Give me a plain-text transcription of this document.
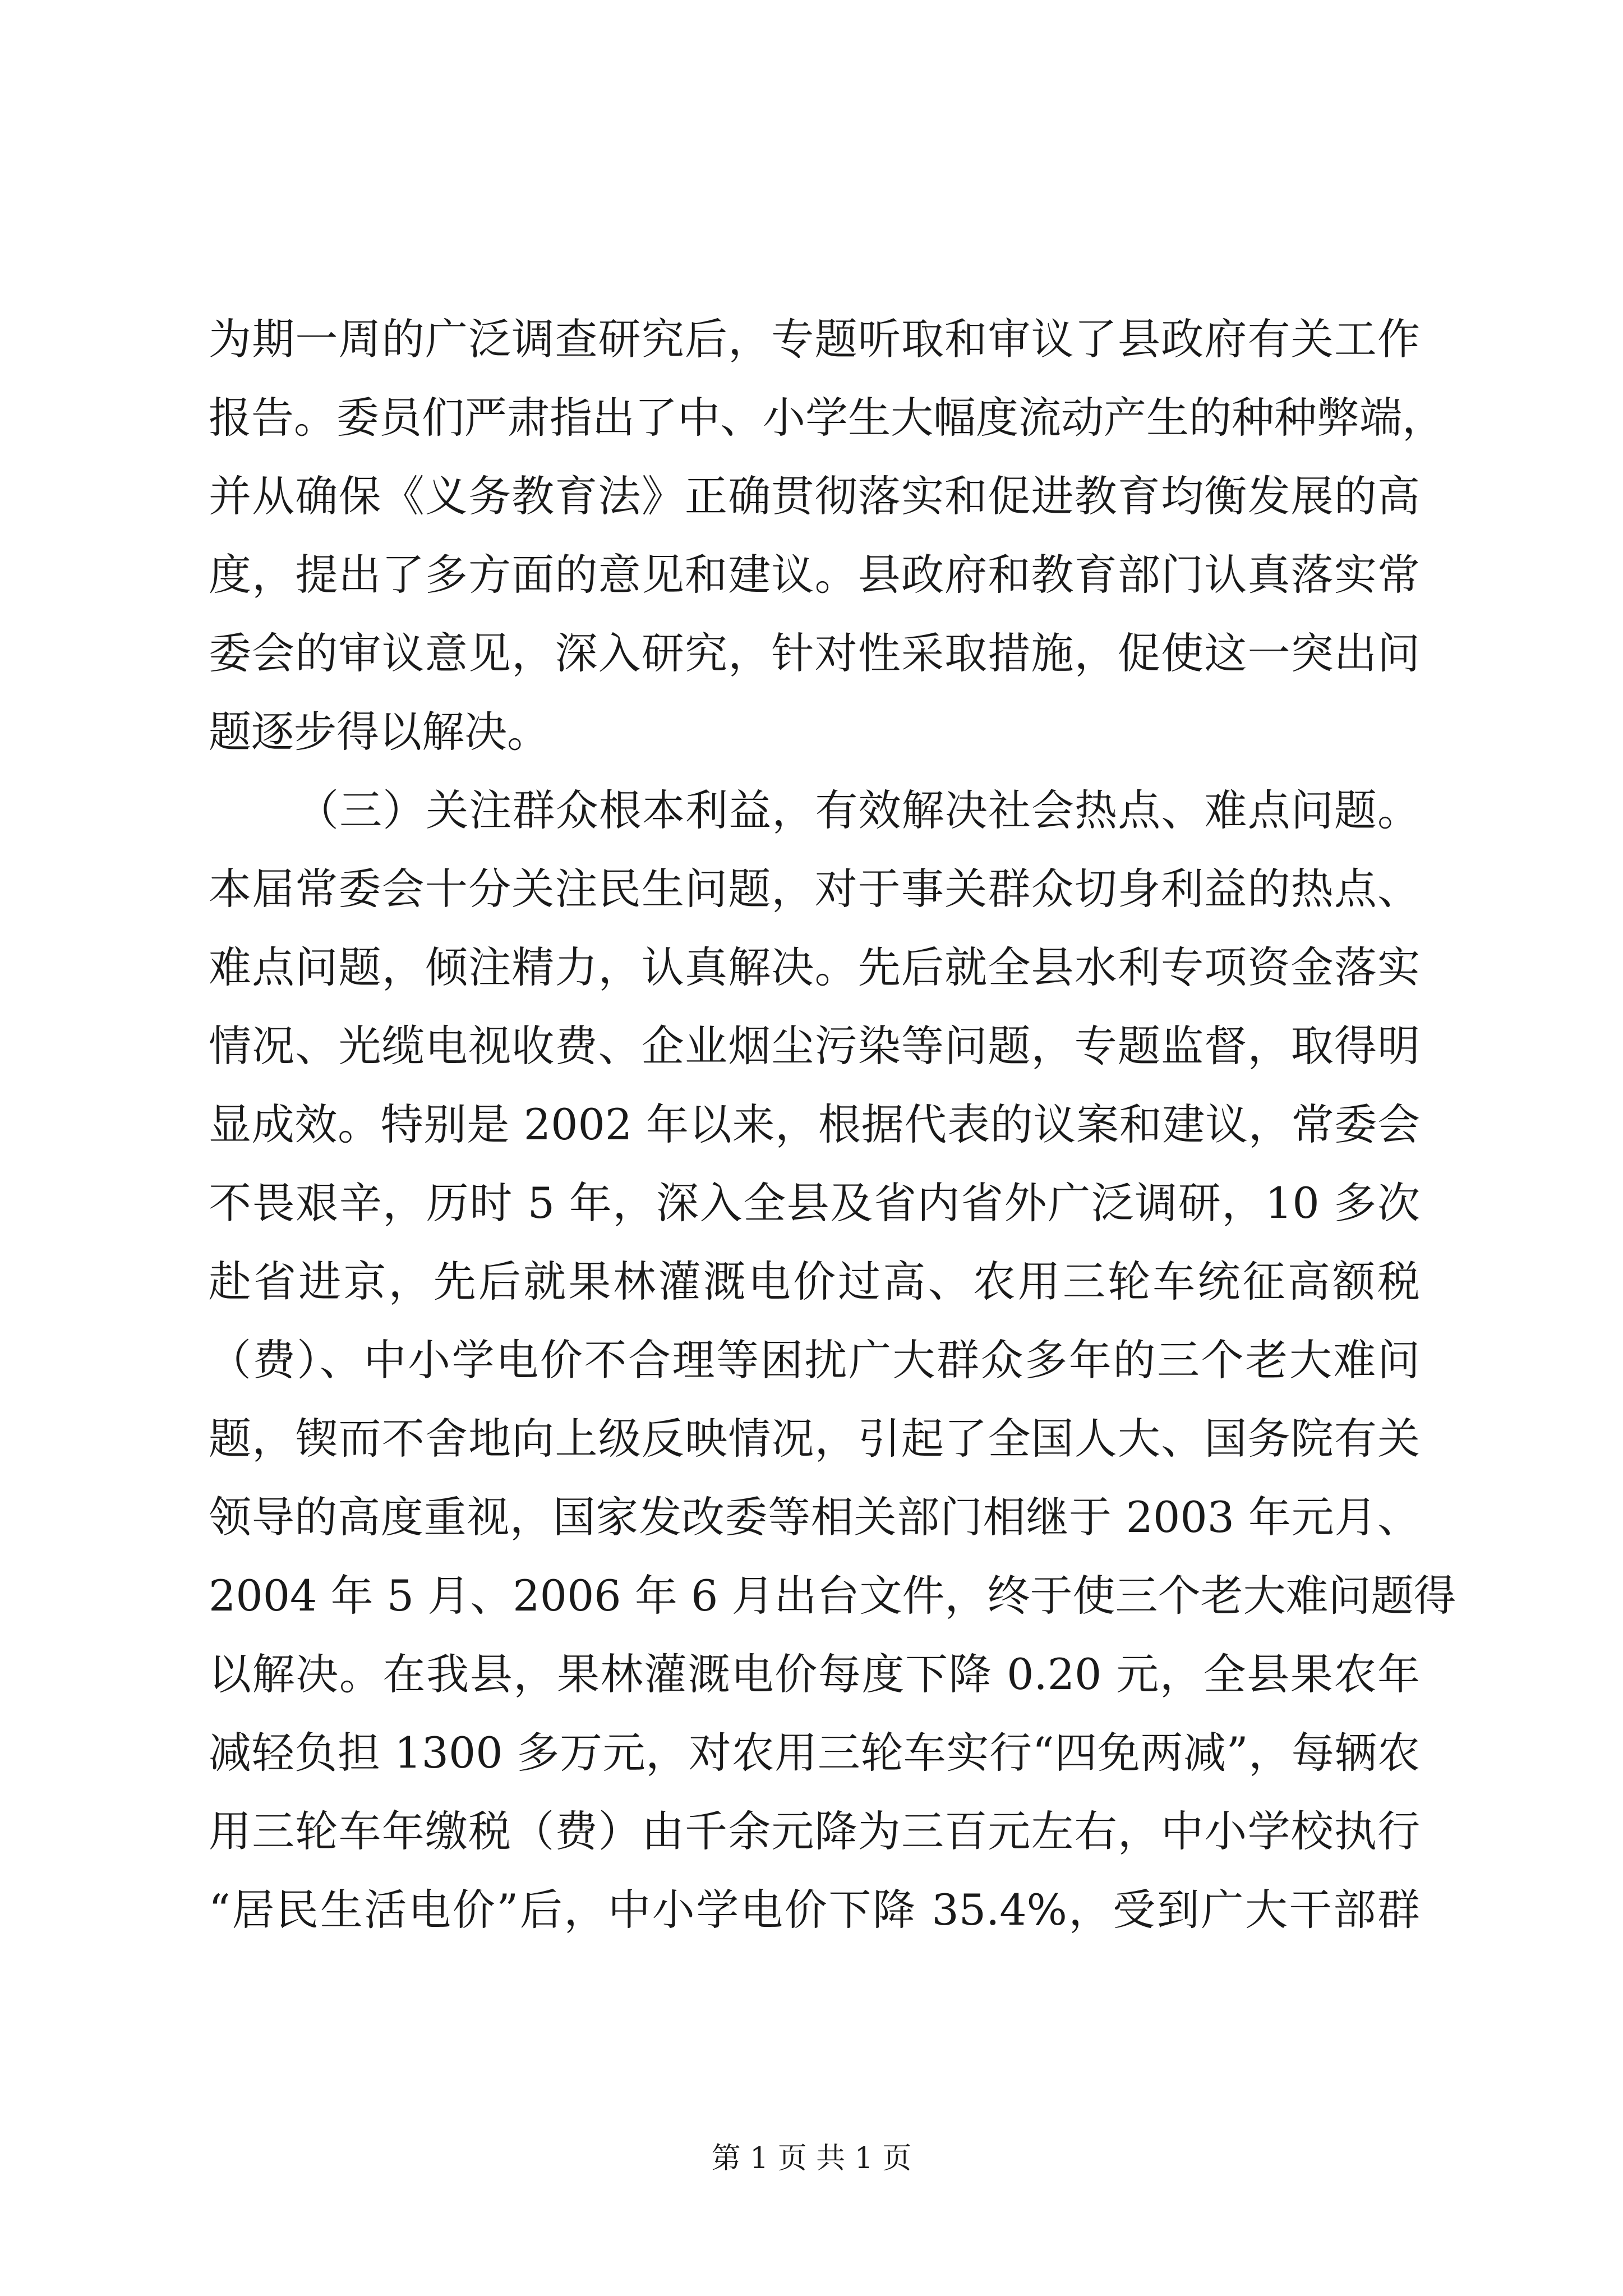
为期一周的广泛调查研究后，专题听取和审议了县政府有关工作

报告。委员们严肃指出了中、小学生大幅度流动产生的种种弊端，

并从确保《义务教育法》正确贯彻落实和促进教育均衡发展的高

度，提出了多方面的意见和建议。县政府和教育部门认真落实常

委会的审议意见，深入研究，针对性采取措施，促使这一突出问

题逐步得以解决。

（三）关注群众根本利益，有效解决社会热点、难点问题。

本届常委会十分关注民生问题，对于事关群众切身利益的热点、

难点问题，倾注精力，认真解决。先后就全县水利专项资金落实

情况、光缆电视收费、企业烟尘污染等问题，专题监督，取得明

显成效。特别是 2002 年以来，根据代表的议案和建议，常委会

不畏艰辛，历时 5 年，深入全县及省内省外广泛调研，10 多次

赴省进京，先后就果林灌溉电价过高、农用三轮车统征高额税

（费）、中小学电价不合理等困扰广大群众多年的三个老大难问

题，锲而不舍地向上级反映情况，引起了全国人大、国务院有关

领导的高度重视，国家发改委等相关部门相继于 2003 年元月、

2004 年 5 月、2006 年 6 月出台文件，终于使三个老大难问题得

以解决。在我县，果林灌溉电价每度下降 0.20 元，全县果农年

减轻负担 1300 多万元，对农用三轮车实行“四免两减”，每辆农

用三轮车年缴税（费）由千余元降为三百元左右，中小学校执行

“居民生活电价”后，中小学电价下降 35.4%，受到广大干部群

第 1 页 共 1 页
